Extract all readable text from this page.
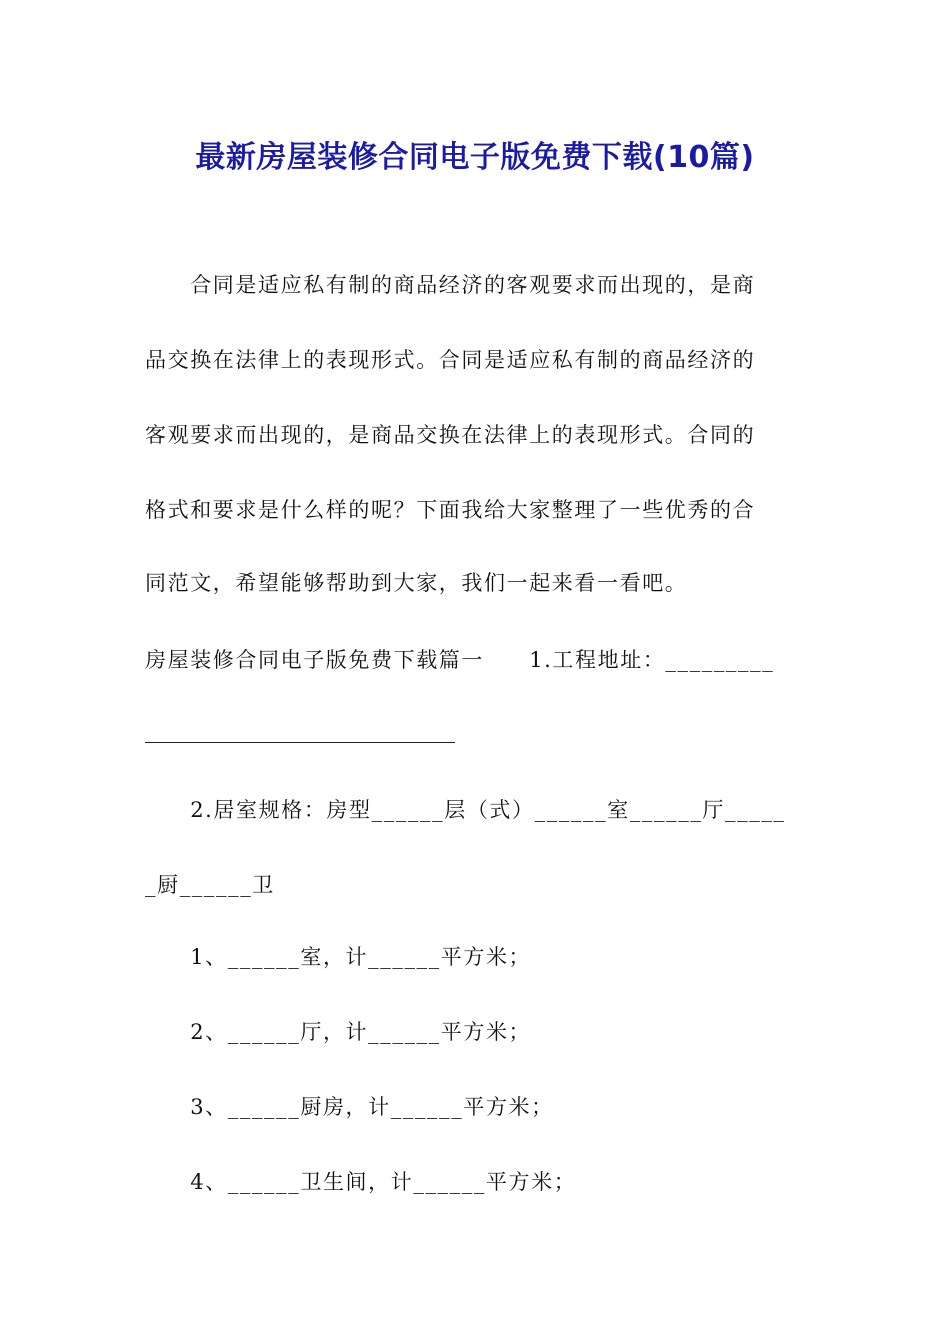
最新房屋装修合同电子版免费下载(10篇)
　　合同是适应私有制的商品经济的客观要求而出现的，是商
品交换在法律上的表现形式。合同是适应私有制的商品经济的
客观要求而出现的，是商品交换在法律上的表现形式。合同的
格式和要求是什么样的呢？下面我给大家整理了一些优秀的合
同范文，希望能够帮助到大家，我们一起来看一看吧。
房屋装修合同电子版免费下载篇一　　1.工程地址：_________
　　2.居室规格：房型______层（式）______室______厅_____
_厨______卫
　　1、______室，计______平方米；
　　2、______厅，计______平方米；
　　3、______厨房，计______平方米；
　　4、______卫生间，计______平方米；
